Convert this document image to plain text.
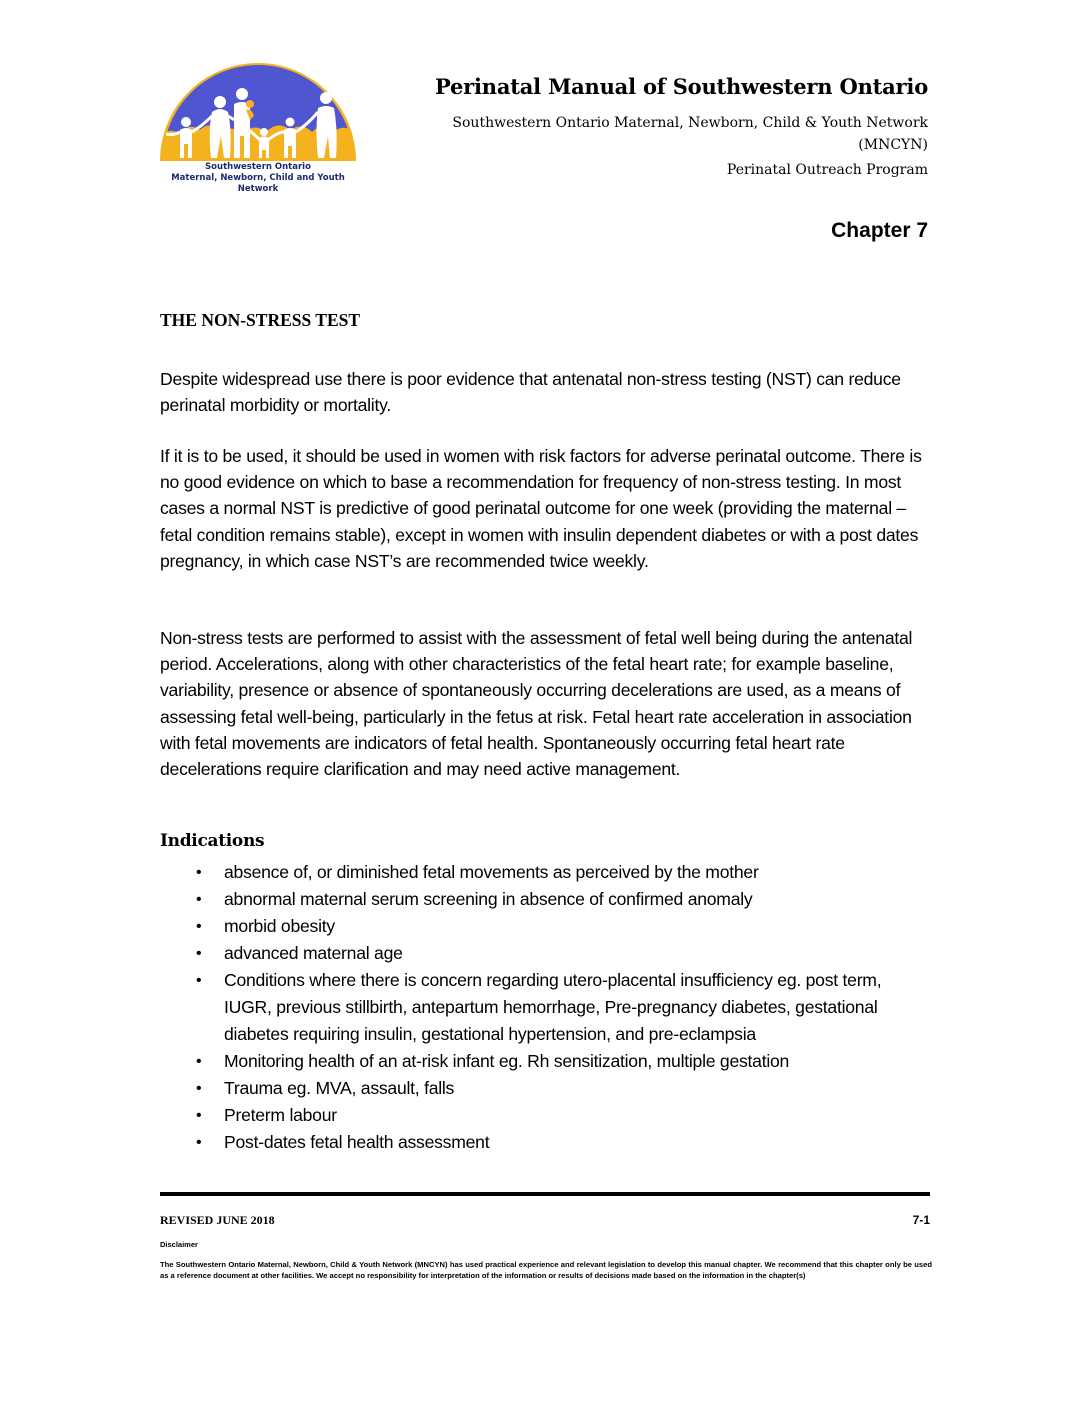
Southwestern Ontario
Maternal, Newborn, Child and Youth Network
Perinatal Manual of Southwestern Ontario
Southwestern Ontario Maternal, Newborn, Child & Youth Network (MNCYN)
Perinatal Outreach Program
Chapter 7
THE NON-STRESS TEST
Despite widespread use there is poor evidence that antenatal non-stress testing (NST) can reduce perinatal morbidity or mortality.
If it is to be used, it should be used in women with risk factors for adverse perinatal outcome. There is no good evidence on which to base a recommendation for frequency of non-stress testing. In most cases a normal NST is predictive of good perinatal outcome for one week (providing the maternal – fetal condition remains stable), except in women with insulin dependent diabetes or with a post dates pregnancy, in which case NST’s are recommended twice weekly.
Non-stress tests are performed to assist with the assessment of fetal well being during the antenatal period. Accelerations, along with other characteristics of the fetal heart rate; for example baseline, variability, presence or absence of spontaneously occurring decelerations are used, as a means of assessing fetal well-being, particularly in the fetus at risk. Fetal heart rate acceleration in association with fetal movements are indicators of fetal health. Spontaneously occurring fetal heart rate decelerations require clarification and may need active management.
Indications
• absence of, or diminished fetal movements as perceived by the mother
• abnormal maternal serum screening in absence of confirmed anomaly
• morbid obesity
• advanced maternal age
• Conditions where there is concern regarding utero-placental insufficiency eg. post term, IUGR, previous stillbirth, antepartum hemorrhage, Pre-pregnancy diabetes, gestational diabetes requiring insulin, gestational hypertension, and pre-eclampsia
• Monitoring health of an at-risk infant eg. Rh sensitization, multiple gestation
• Trauma eg. MVA, assault, falls
• Preterm labour
• Post-dates fetal health assessment
REVISED JUNE 2018	7-1
Disclaimer
The Southwestern Ontario Maternal, Newborn, Child & Youth Network (MNCYN) has used practical experience and relevant legislation to develop this manual chapter. We recommend that this chapter only be used as a reference document at other facilities. We accept no responsibility for interpretation of the information or results of decisions made based on the information in the chapter(s)
